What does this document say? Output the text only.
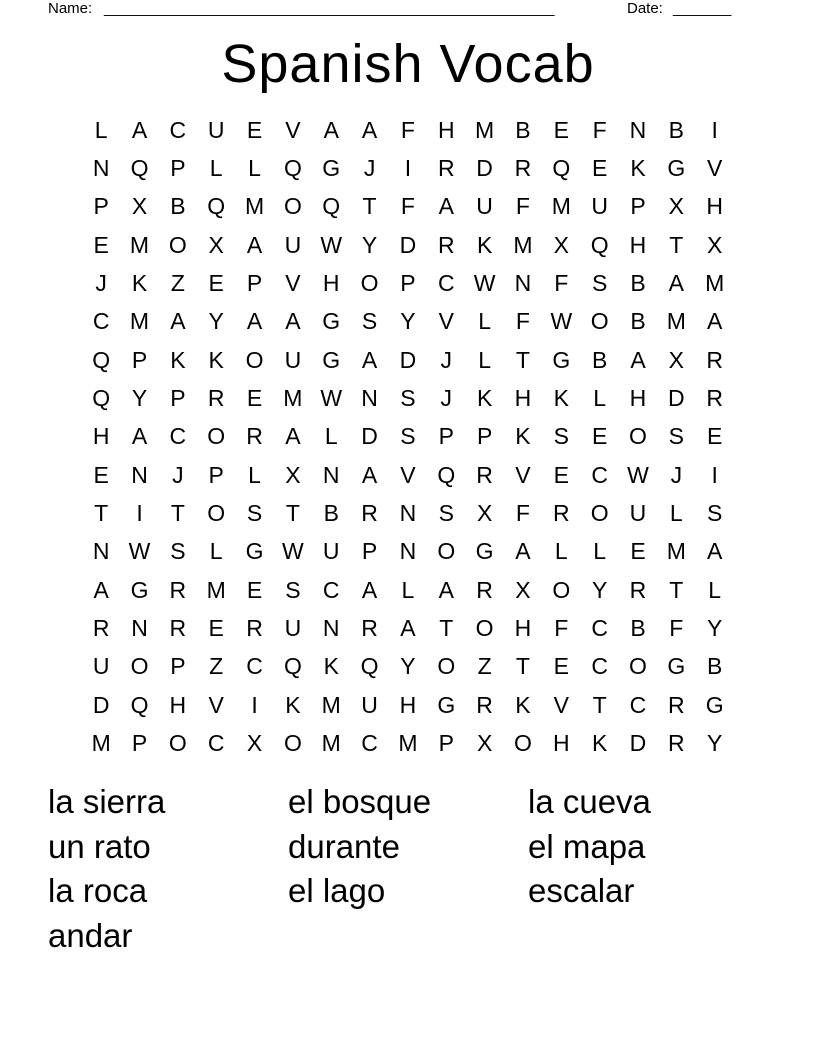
Name: ______________________________________________________	Date: _______
Spanish Vocab
L	A C U E	V	A	A	F	H M B	E	F	N B	I
N Q P	L	L	Q G	J	I	R D R Q E	K G V
P	X	B Q M O Q T	F	A U	F M U P	X H
E M O X	A U W Y D R K M X Q H	T	X
J	K	Z	E	P	V H O P C W N	F	S	B	A M
C M A	Y	A	A G S	Y	V	L	F W O B M A
Q P	K	K O U G A D	J	L	T G B	A	X R
Q Y	P R E M W N S	J	K H K	L	H D R
H A C O R A	L	D S	P	P	K	S	E O S	E
E N	J	P	L	X N A	V Q R V	E C W J	I
T	I	T O S	T	B R N S	X	F	R O U	L	S
N W S	L	G W U P N O G A	L	L	E M A
A G R M E	S C A	L	A R X O Y R	T	L
R N R E R U N R A	T O H	F	C B	F	Y
U O P	Z	C Q K Q Y O Z	T	E C O G B
D Q H V	I	K M U H G R K	V	T	C R G
M P O C X O M C M P	X O H K D R Y
la sierra	el bosque	la cueva
un rato	durante	el mapa
la roca	el lago	escalar
andar
